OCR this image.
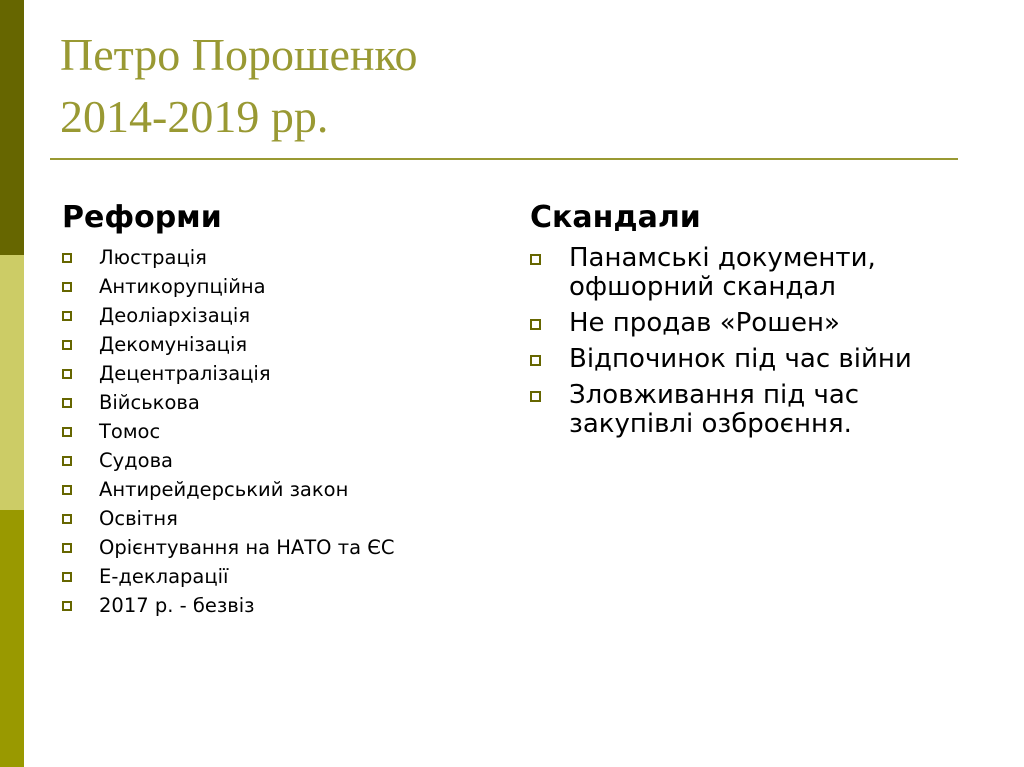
Петро Порошенко
2014-2019 рр.
Реформи
Люстрація
Антикорупційна
Деоліархізація
Декомунізація
Децентралізація
Військова
Томос
Судова
Антирейдерський закон
Освітня
Орієнтування на НАТО та ЄС
Е-декларації
2017 р. - безвіз
Скандали
Панамські документи, офшорний скандал
Не продав «Рошен»
Відпочинок під час війни
Зловживання під час закупівлі озброєння.
